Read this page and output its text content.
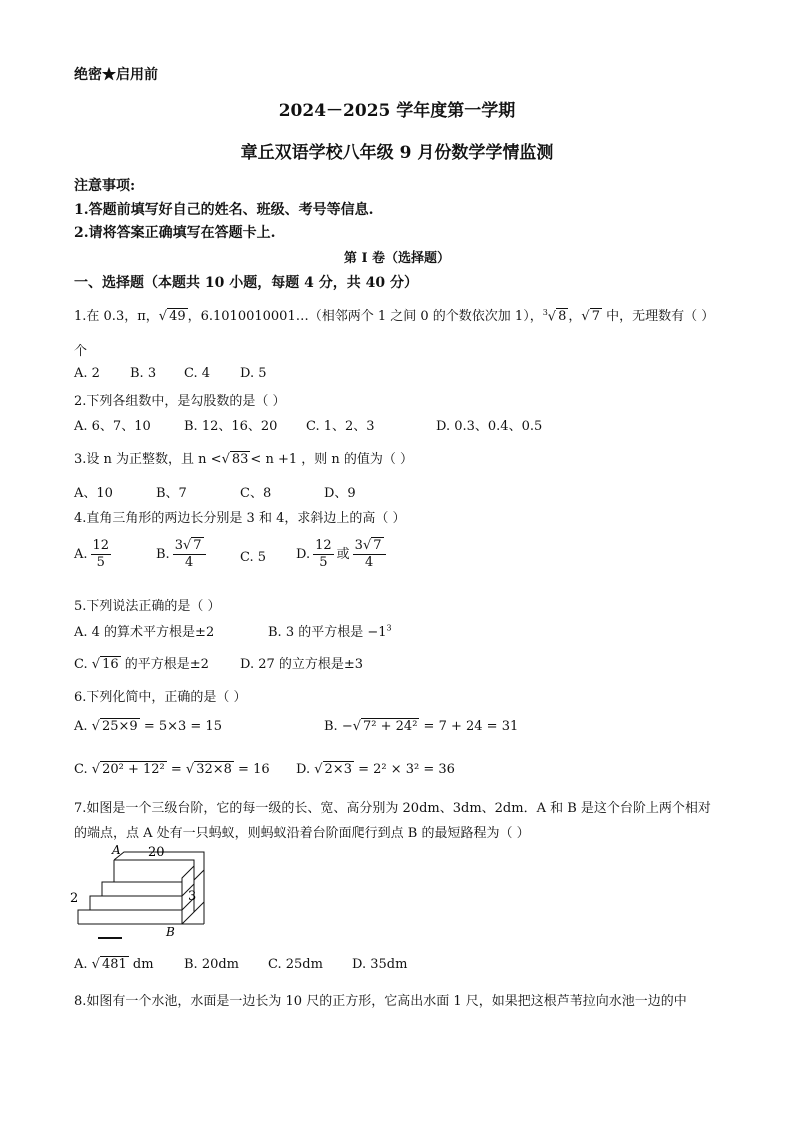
绝密★启用前
2024－2025 学年度第一学期
章丘双语学校八年级 9 月份数学学情监测
注意事项:
1.答题前填写好自己的姓名、班级、考号等信息.
2.请将答案正确填写在答题卡上.
第 I 卷（选择题）
一、选择题（本题共 10 小题，每题 4 分，共 40 分）
1.在 0.3，π，√ 49 ，6.1010010001…（相邻两个 1 之间 0 的个数依次加 1），$^3$√ 8 ，√ 7 中，无理数有（ ）
个
A. 2 B. 3 C. 4 D. 5
2.下列各组数中，是勾股数的是（ ）
A. 6、7、10	B. 12、16、20 C. 1、2、3	D. 0.3、0.4、0.5
3.设 n 为正整数，且 n <√ 83 < n +1 ，则 n 的值为（ ）
A、10	B、7	C、8	D、9
4.直角三角形的两边长分别是 3 和 4，求斜边上的高（ ）
A. $\frac{12}{5}$	B. $\frac{3√ 7}{4}$	C. 5 D. $\frac{12}{5}$ 或 $\frac{3√ 7}{4}$
5.下列说法正确的是（ ）
A. 4 的算术平方根是±2	B. 3 的平方根是 $-1^3$
C. √ 16 的平方根是±2 D. 27 的立方根是±3
6.下列化简中，正确的是（ ）
A. √ 25×9 = 5×3 = 15	B. −√ 7² + 24² = 7 + 24 = 31
C. √ 20² + 12² = √ 32×8 = 16 D. √ 2×3 = 2² × 3² = 36
7.如图是一个三级台阶，它的每一级的长、宽、高分别为 20dm、3dm、2dm．A 和 B 是这个台阶上两个相对
的端点，点 A 处有一只蚂蚁，则蚂蚁沿着台阶面爬行到点 B 的最短路程为（ ）
A 20
2	3
B
A. √ 481 dm B. 20dm C. 25dm D. 35dm
8.如图有一个水池，水面是一边长为 10 尺的正方形，它高出水面 1 尺，如果把这根芦苇拉向水池一边的中
